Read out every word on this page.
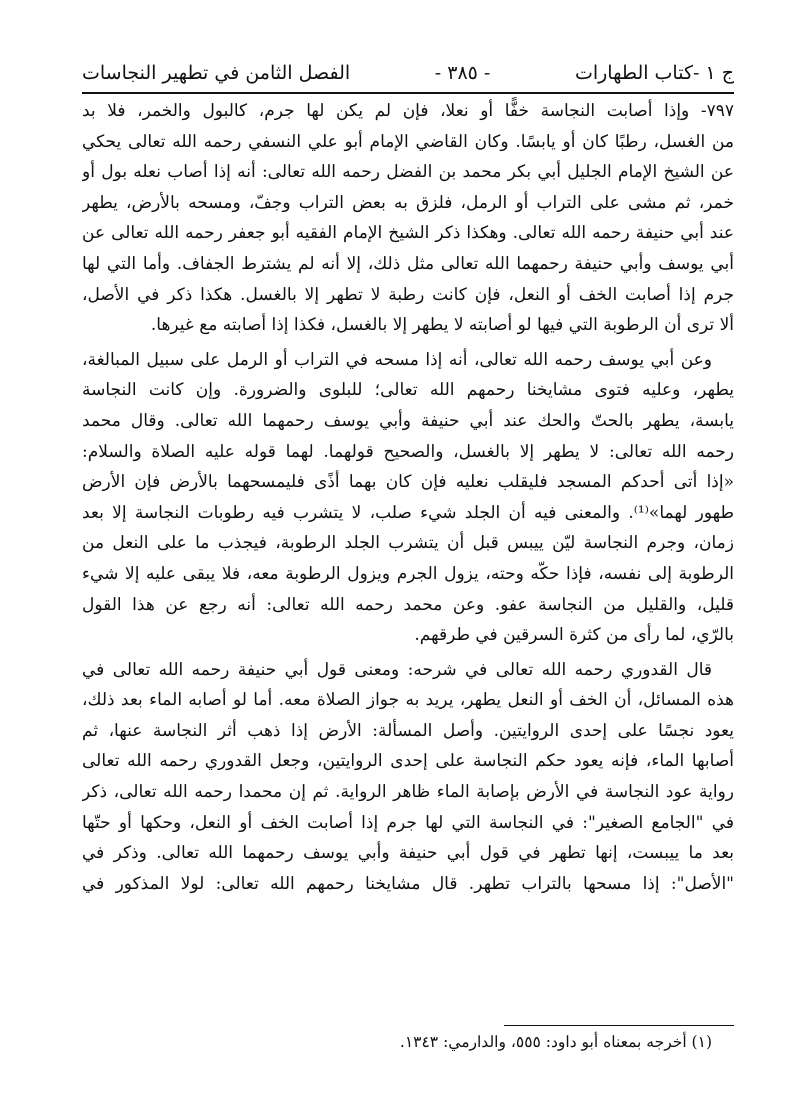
ج ١ -كتاب الطهارات
- ٣٨٥ -
الفصل الثامن في تطهير النجاسات
٧٩٧- وإذا أصابت النجاسة خفًّا أو نعلا، فإن لم يكن لها جرم، كالبول والخمر، فلا بد
من الغسل، رطبًا كان أو يابسًا. وكان القاضي الإمام أبو علي النسفي رحمه الله تعالى يحكي
عن الشيخ الإمام الجليل أبي بكر محمد بن الفضل رحمه الله تعالى: أنه إذا أصاب نعله بول أو
خمر، ثم مشى على التراب أو الرمل، فلزق به بعض التراب وجفّ، ومسحه بالأرض، يطهر
عند أبي حنيفة رحمه الله تعالى. وهكذا ذكر الشيخ الإمام الفقيه أبو جعفر رحمه الله تعالى عن
أبي يوسف وأبي حنيفة رحمهما الله تعالى مثل ذلك، إلا أنه لم يشترط الجفاف. وأما التي لها
جرم إذا أصابت الخف أو النعل، فإن كانت رطبة لا تطهر إلا بالغسل. هكذا ذكر في الأصل،
ألا ترى أن الرطوبة التي فيها لو أصابته لا يطهر إلا بالغسل، فكذا إذا أصابته مع غيرها.
وعن أبي يوسف رحمه الله تعالى، أنه إذا مسحه في التراب أو الرمل على سبيل المبالغة،
يطهر، وعليه فتوى مشايخنا رحمهم الله تعالى؛ للبلوى والضرورة. وإن كانت النجاسة
يابسة، يطهر بالحتّ والحك عند أبي حنيفة وأبي يوسف رحمهما الله تعالى. وقال محمد
رحمه الله تعالى: لا يطهر إلا بالغسل، والصحيح قولهما. لهما قوله عليه الصلاة والسلام:
«إذا أتى أحدكم المسجد فليقلب نعليه فإن كان بهما أذًى فليمسحهما بالأرض فإن الأرض
طهور لهما»⁽¹⁾. والمعنى فيه أن الجلد شيء صلب، لا يتشرب فيه رطوبات النجاسة إلا بعد
زمان، وجرم النجاسة ليّن ييبس قبل أن يتشرب الجلد الرطوبة، فيجذب ما على النعل من
الرطوبة إلى نفسه، فإذا حكّه وحته، يزول الجرم ويزول الرطوبة معه، فلا يبقى عليه إلا شيء
قليل، والقليل من النجاسة عفو. وعن محمد رحمه الله تعالى: أنه رجع عن هذا القول
بالرّي، لما رأى من كثرة السرقين في طرقهم.
قال القدوري رحمه الله تعالى في شرحه: ومعنى قول أبي حنيفة رحمه الله تعالى في
هذه المسائل، أن الخف أو النعل يطهر، يريد به جواز الصلاة معه. أما لو أصابه الماء بعد ذلك،
يعود نجسًا على إحدى الروايتين. وأصل المسألة: الأرض إذا ذهب أثر النجاسة عنها، ثم
أصابها الماء، فإنه يعود حكم النجاسة على إحدى الروايتين، وجعل القدوري رحمه الله تعالى
رواية عود النجاسة في الأرض بإصابة الماء ظاهر الرواية. ثم إن محمدا رحمه الله تعالى، ذكر
في "الجامع الصغير": في النجاسة التي لها جرم إذا أصابت الخف أو النعل، وحكها أو حتّها
بعد ما ييبست، إنها تطهر في قول أبي حنيفة وأبي يوسف رحمهما الله تعالى. وذكر في
"الأصل": إذا مسحها بالتراب تطهر. قال مشايخنا رحمهم الله تعالى: لولا المذكور في
(١) أخرجه بمعناه أبو داود: ٥٥٥، والدارمي: ١٣٤٣.
